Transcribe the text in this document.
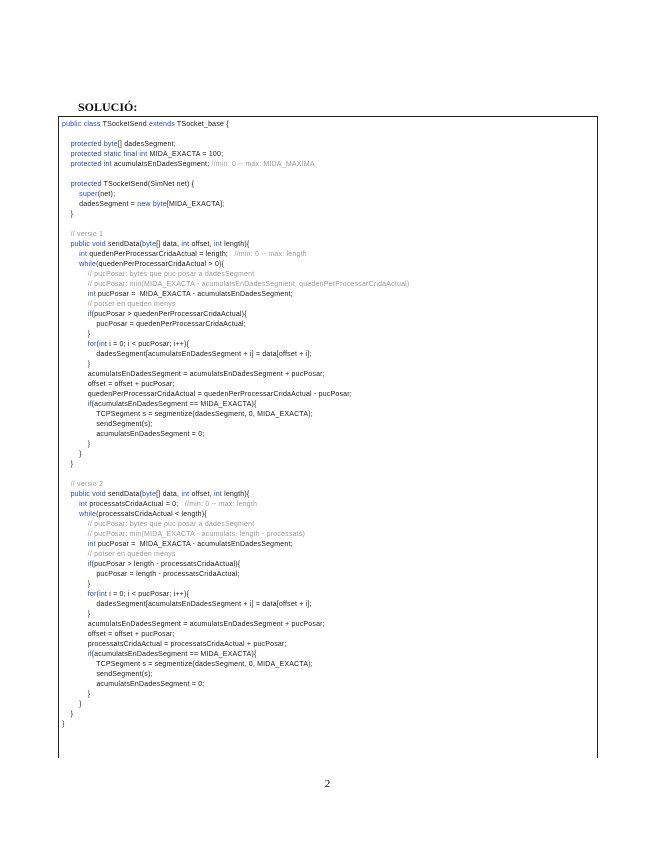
SOLUCIÓ:
public class TSocketSend extends TSocket_base {
protected byte[] dadesSegment;
protected static final int MIDA_EXACTA = 100;
protected int acumulatsEnDadesSegment; //min: 0 -- max: MIDA_MAXIMA
protected TSocketSend(SimNet net) {
super(net);
dadesSegment = new byte[MIDA_EXACTA];
}
// versio 1
public void sendData(byte[] data, int offset, int length){
int quedenPerProcessarCridaActual = length;   //min: 0 -- max: length
while(quedenPerProcessarCridaActual > 0){
// pucPosar: bytes que puc posar a dadesSegment
// pucPosar: min(MIDA_EXACTA - acumulatsEnDadesSegment, quedenPerProcessarCridaActual)
int pucPosar =  MIDA_EXACTA - acumulatsEnDadesSegment;
// potser en queden menys
if(pucPosar > quedenPerProcessarCridaActual){
pucPosar = quedenPerProcessarCridaActual;
}
for(int i = 0; i < pucPosar; i++){
dadesSegment[acumulatsEnDadesSegment + i] = data[offset + i];
}
acumulatsEnDadesSegment = acumulatsEnDadesSegment + pucPosar;
offset = offset + pucPosar;
quedenPerProcessarCridaActual = quedenPerProcessarCridaActual - pucPosar;
if(acumulatsEnDadesSegment == MIDA_EXACTA){
TCPSegment s = segmentize(dadesSegment, 0, MIDA_EXACTA);
sendSegment(s);
acumulatsEnDadesSegment = 0;
}
}
}
// versio 2
public void sendData(byte[] data, int offset, int length){
int processatsCridaActual = 0;   //min: 0 -- max: length
while(processatsCridaActual < length){
// pucPosar: bytes que puc posar a dadesSegment
// pucPosar: min(MIDA_EXACTA - acumulats, length - processats)
int pucPosar =  MIDA_EXACTA - acumulatsEnDadesSegment;
// potser en queden menys
if(pucPosar > length - processatsCridaActual){
pucPosar = length - processatsCridaActual;
}
for(int i = 0; i < pucPosar; i++){
dadesSegment[acumulatsEnDadesSegment + i] = data[offset + i];
}
acumulatsEnDadesSegment = acumulatsEnDadesSegment + pucPosar;
offset = offset + pucPosar;
processatsCridaActual = processatsCridaActual + pucPosar;
if(acumulatsEnDadesSegment == MIDA_EXACTA){
TCPSegment s = segmentize(dadesSegment, 0, MIDA_EXACTA);
sendSegment(s);
acumulatsEnDadesSegment = 0;
}
}
}
}
2
